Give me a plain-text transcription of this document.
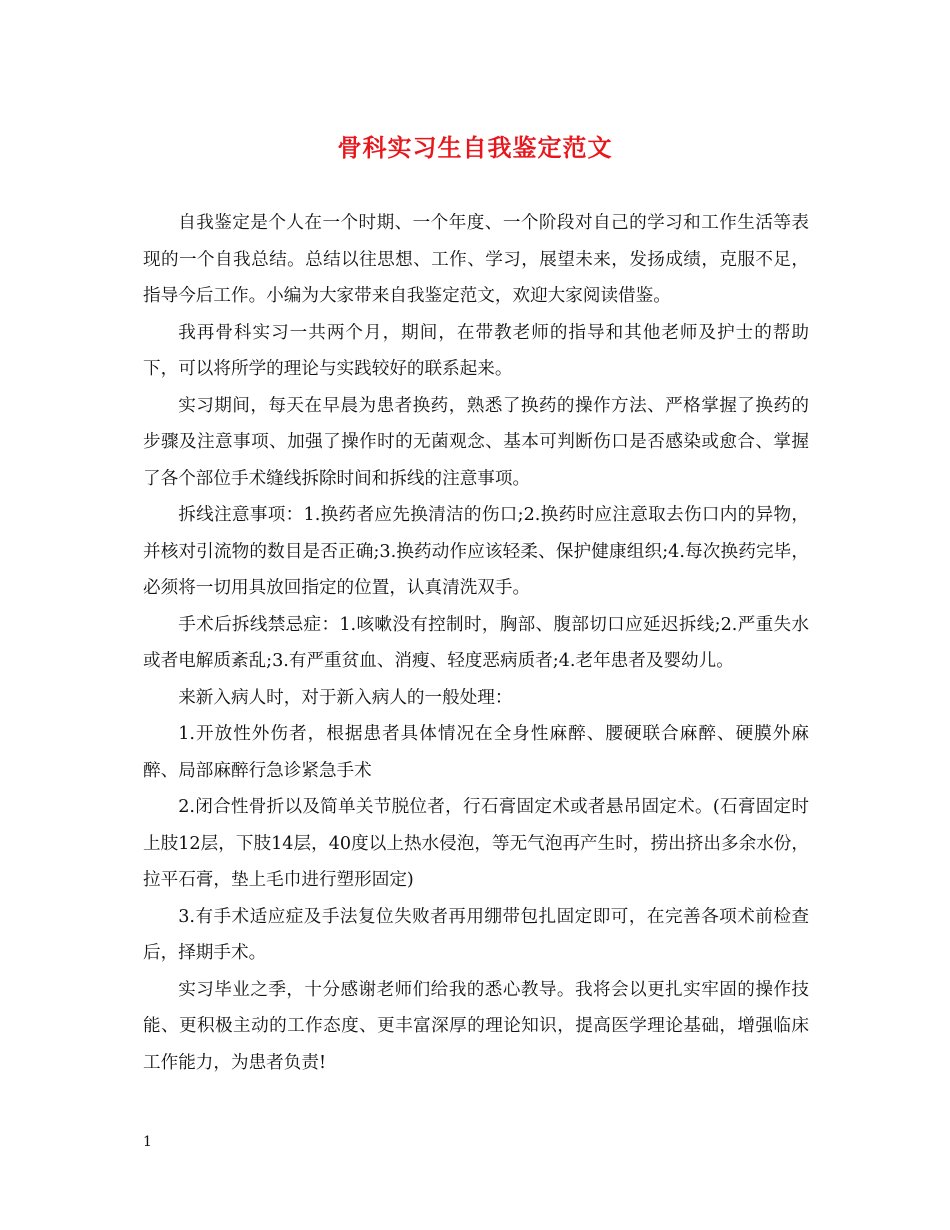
骨科实习生自我鉴定范文

自我鉴定是个人在一个时期、一个年度、一个阶段对自己的学习和工作生活等表现的一个自我总结。总结以往思想、工作、学习，展望未来，发扬成绩，克服不足，指导今后工作。小编为大家带来自我鉴定范文，欢迎大家阅读借鉴。

我再骨科实习一共两个月，期间，在带教老师的指导和其他老师及护士的帮助下，可以将所学的理论与实践较好的联系起来。

实习期间，每天在早晨为患者换药，熟悉了换药的操作方法、严格掌握了换药的步骤及注意事项、加强了操作时的无菌观念、基本可判断伤口是否感染或愈合、掌握了各个部位手术缝线拆除时间和拆线的注意事项。

拆线注意事项：1.换药者应先换清洁的伤口;2.换药时应注意取去伤口内的异物，并核对引流物的数目是否正确;3.换药动作应该轻柔、保护健康组织;4.每次换药完毕，必须将一切用具放回指定的位置，认真清洗双手。

手术后拆线禁忌症：1.咳嗽没有控制时，胸部、腹部切口应延迟拆线;2.严重失水或者电解质紊乱;3.有严重贫血、消瘦、轻度恶病质者;4.老年患者及婴幼儿。

来新入病人时，对于新入病人的一般处理：

1.开放性外伤者，根据患者具体情况在全身性麻醉、腰硬联合麻醉、硬膜外麻醉、局部麻醉行急诊紧急手术

2.闭合性骨折以及简单关节脱位者，行石膏固定术或者悬吊固定术。(石膏固定时上肢12层，下肢14层，40度以上热水侵泡，等无气泡再产生时，捞出挤出多余水份，拉平石膏，垫上毛巾进行塑形固定)

3.有手术适应症及手法复位失败者再用绷带包扎固定即可，在完善各项术前检查后，择期手术。

实习毕业之季，十分感谢老师们给我的悉心教导。我将会以更扎实牢固的操作技能、更积极主动的工作态度、更丰富深厚的理论知识，提高医学理论基础，增强临床工作能力，为患者负责!

1
